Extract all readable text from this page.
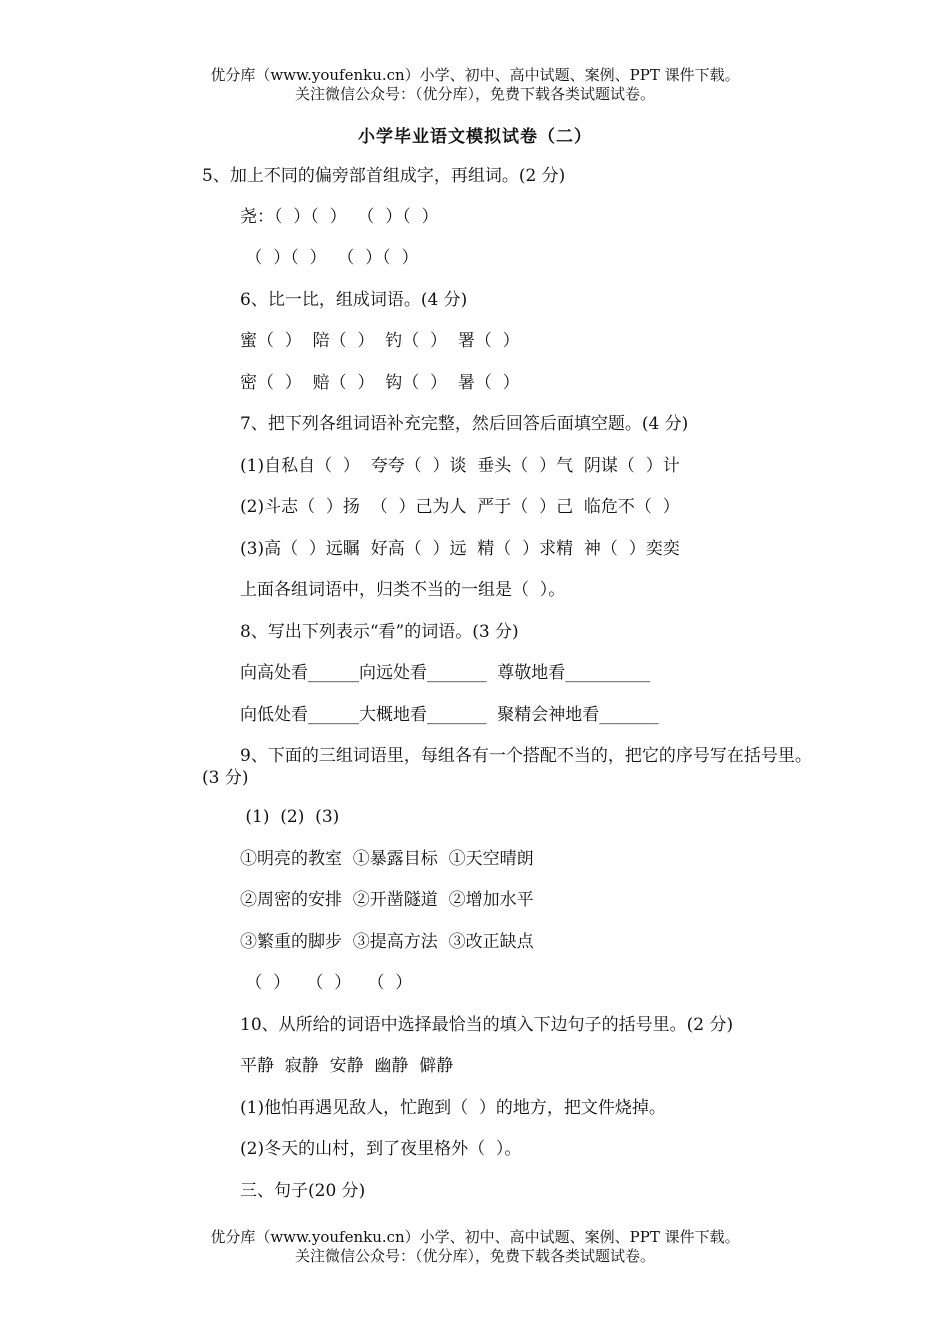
优分库（www.youfenku.cn）小学、初中、高中试题、案例、PPT 课件下载。
关注微信公众号：（优分库），免费下载各类试题试卷。
小学毕业语文模拟试卷（二）
5、加上不同的偏旁部首组成字，再组词。(2 分)
尧：（  ）（  ）  （  ）（  ）
（  ）（  ）  （  ）（  ）
6、比一比，组成词语。(4 分)
蜜（  ）  陪（  ）  钓（  ）  署（  ）
密（  ）  赔（  ）  钩（  ）  暑（  ）
7、把下列各组词语补充完整，然后回答后面填空题。(4 分)
(1)自私自（  ）  夸夸（  ）谈  垂头（  ）气  阴谋（  ）计
(2)斗志（  ）扬  （  ）己为人  严于（  ）己  临危不（  ）
(3)高（  ）远瞩  好高（  ）远  精（  ）求精  神（  ）奕奕
上面各组词语中，归类不当的一组是（  ）。
8、写出下列表示“看”的词语。(3 分)
向高处看______向远处看_______  尊敬地看__________
向低处看______大概地看_______  聚精会神地看_______
9、下面的三组词语里，每组各有一个搭配不当的，把它的序号写在括号里。(3 分)
(1)  (2)  (3)
①明亮的教室  ①暴露目标  ①天空晴朗
②周密的安排  ②开凿隧道  ②增加水平
③繁重的脚步  ③提高方法  ③改正缺点
（  ）   （  ）   （  ）
10、从所给的词语中选择最恰当的填入下边句子的括号里。(2 分)
平静  寂静  安静  幽静  僻静
(1)他怕再遇见敌人，忙跑到（  ）的地方，把文件烧掉。
(2)冬天的山村，到了夜里格外（  ）。
三、句子(20 分)
优分库（www.youfenku.cn）小学、初中、高中试题、案例、PPT 课件下载。
关注微信公众号：（优分库），免费下载各类试题试卷。
